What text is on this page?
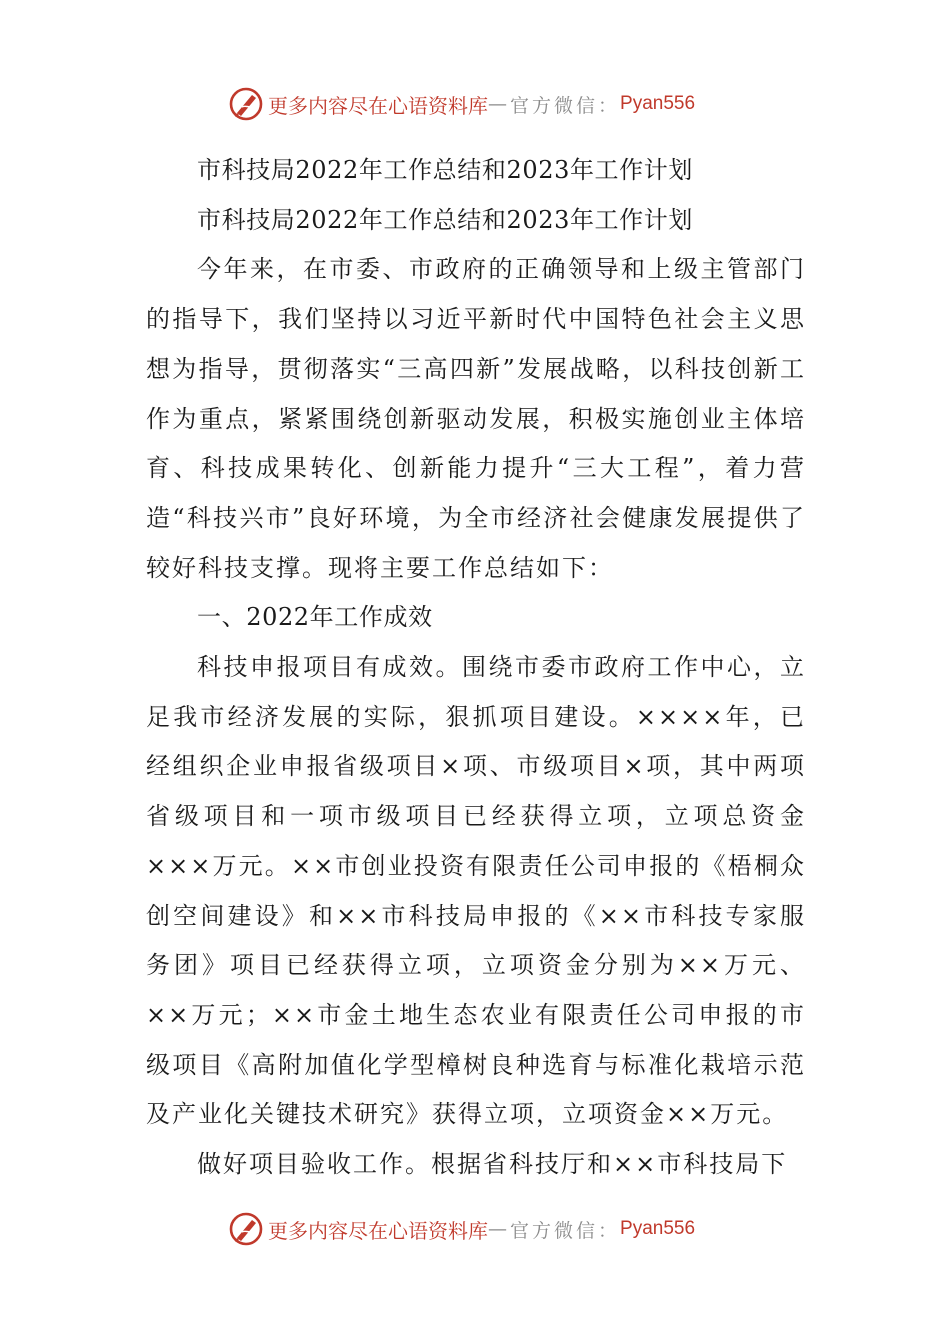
更多内容尽在心语资料库 — 官方微信： Pyan556

市科技局2022年工作总结和2023年工作计划

市科技局2022年工作总结和2023年工作计划

今年来，在市委、市政府的正确领导和上级主管部门的指导下，我们坚持以习近平新时代中国特色社会主义思想为指导，贯彻落实“三高四新”发展战略，以科技创新工作为重点，紧紧围绕创新驱动发展，积极实施创业主体培育、科技成果转化、创新能力提升“三大工程”，着力营造“科技兴市”良好环境，为全市经济社会健康发展提供了较好科技支撑。现将主要工作总结如下：

一、2022年工作成效

科技申报项目有成效。围绕市委市政府工作中心，立足我市经济发展的实际，狠抓项目建设。××××年，已经组织企业申报省级项目×项、市级项目×项，其中两项省级项目和一项市级项目已经获得立项，立项总资金×××万元。××市创业投资有限责任公司申报的《梧桐众创空间建设》和××市科技局申报的《××市科技专家服务团》项目已经获得立项，立项资金分别为××万元、××万元；××市金土地生态农业有限责任公司申报的市级项目《高附加值化学型樟树良种选育与标准化栽培示范及产业化关键技术研究》获得立项，立项资金××万元。

做好项目验收工作。根据省科技厅和××市科技局下

更多内容尽在心语资料库 — 官方微信： Pyan556
